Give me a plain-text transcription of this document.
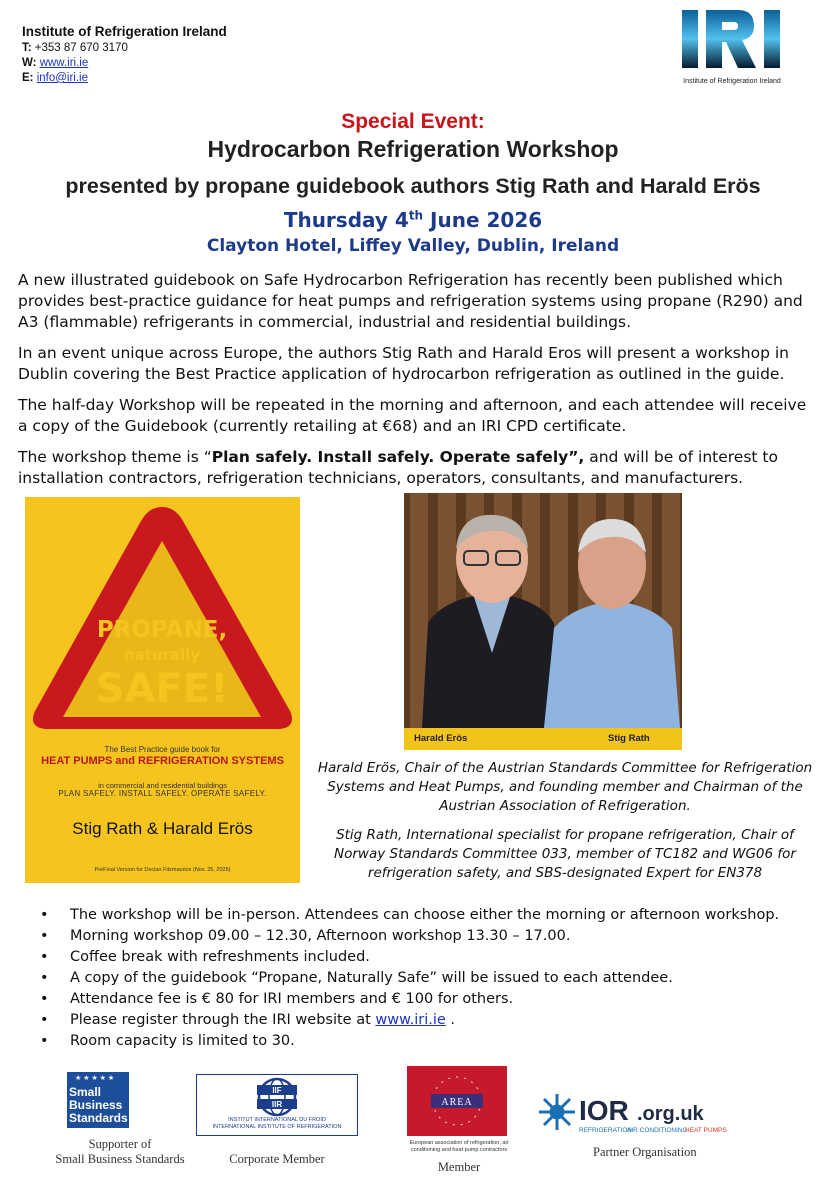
Institute of Refrigeration Ireland
T: +353 87 670 3170
W: www.iri.ie
E: info@iri.ie	Institute of Refrigeration Ireland
Special Event:
Hydrocarbon Refrigeration Workshop
presented by propane guidebook authors Stig Rath and Harald Erös
Thursday 4th June 2026
Clayton Hotel, Liffey Valley, Dublin, Ireland

A new illustrated guidebook on Safe Hydrocarbon Refrigeration has recently been published which provides best-practice guidance for heat pumps and refrigeration systems using propane (R290) and A3 (flammable) refrigerants in commercial, industrial and residential buildings.

In an event unique across Europe, the authors Stig Rath and Harald Eros will present a workshop in Dublin covering the Best Practice application of hydrocarbon refrigeration as outlined in the guide.

The half-day Workshop will be repeated in the morning and afternoon, and each attendee will receive a copy of the Guidebook (currently retailing at €68) and an IRI CPD certificate.

The workshop theme is “Plan safely. Install safely. Operate safely”, and will be of interest to installation contractors, refrigeration technicians, operators, consultants, and manufacturers.

PROPANE,
naturally
SAFE!
The Best Practice guide book for
HEAT PUMPS and REFRIGERATION SYSTEMS
in commercial and residential buildings
PLAN SAFELY. INSTALL SAFELY. OPERATE SAFELY.
Stig Rath & Harald Erös
PreFinal Version for Declan Fitzmaurice (Nov. 25, 2025)
Harald Erös	Stig Rath

Harald Erös, Chair of the Austrian Standards Committee for Refrigeration Systems and Heat Pumps, and founding member and Chairman of the Austrian Association of Refrigeration.

Stig Rath, International specialist for propane refrigeration, Chair of Norway Standards Committee 033, member of TC182 and WG06 for refrigeration safety, and SBS-designated Expert for EN378

• The workshop will be in-person. Attendees can choose either the morning or afternoon workshop.
• Morning workshop 09.00 – 12.30, Afternoon workshop 13.30 – 17.00.
• Coffee break with refreshments included.
• A copy of the guidebook “Propane, Naturally Safe” will be issued to each attendee.
• Attendance fee is € 80 for IRI members and € 100 for others.
• Please register through the IRI website at www.iri.ie .
• Room capacity is limited to 30.
★ ★ ★ ★ ★
Small
Business
Standards
Supporter of
Small Business Standards
IIF
IIR
INSTITUT INTERNATIONAL DU FROID
INTERNATIONAL INSTITUTE OF REFRIGERATION
Corporate Member
AREA
European association of refrigeration, air conditioning and heat pump contractors
Member
IOR .org.uk
REFRIGERATION
AIR CONDITIONING
HEAT PUMPS
Partner Organisation
